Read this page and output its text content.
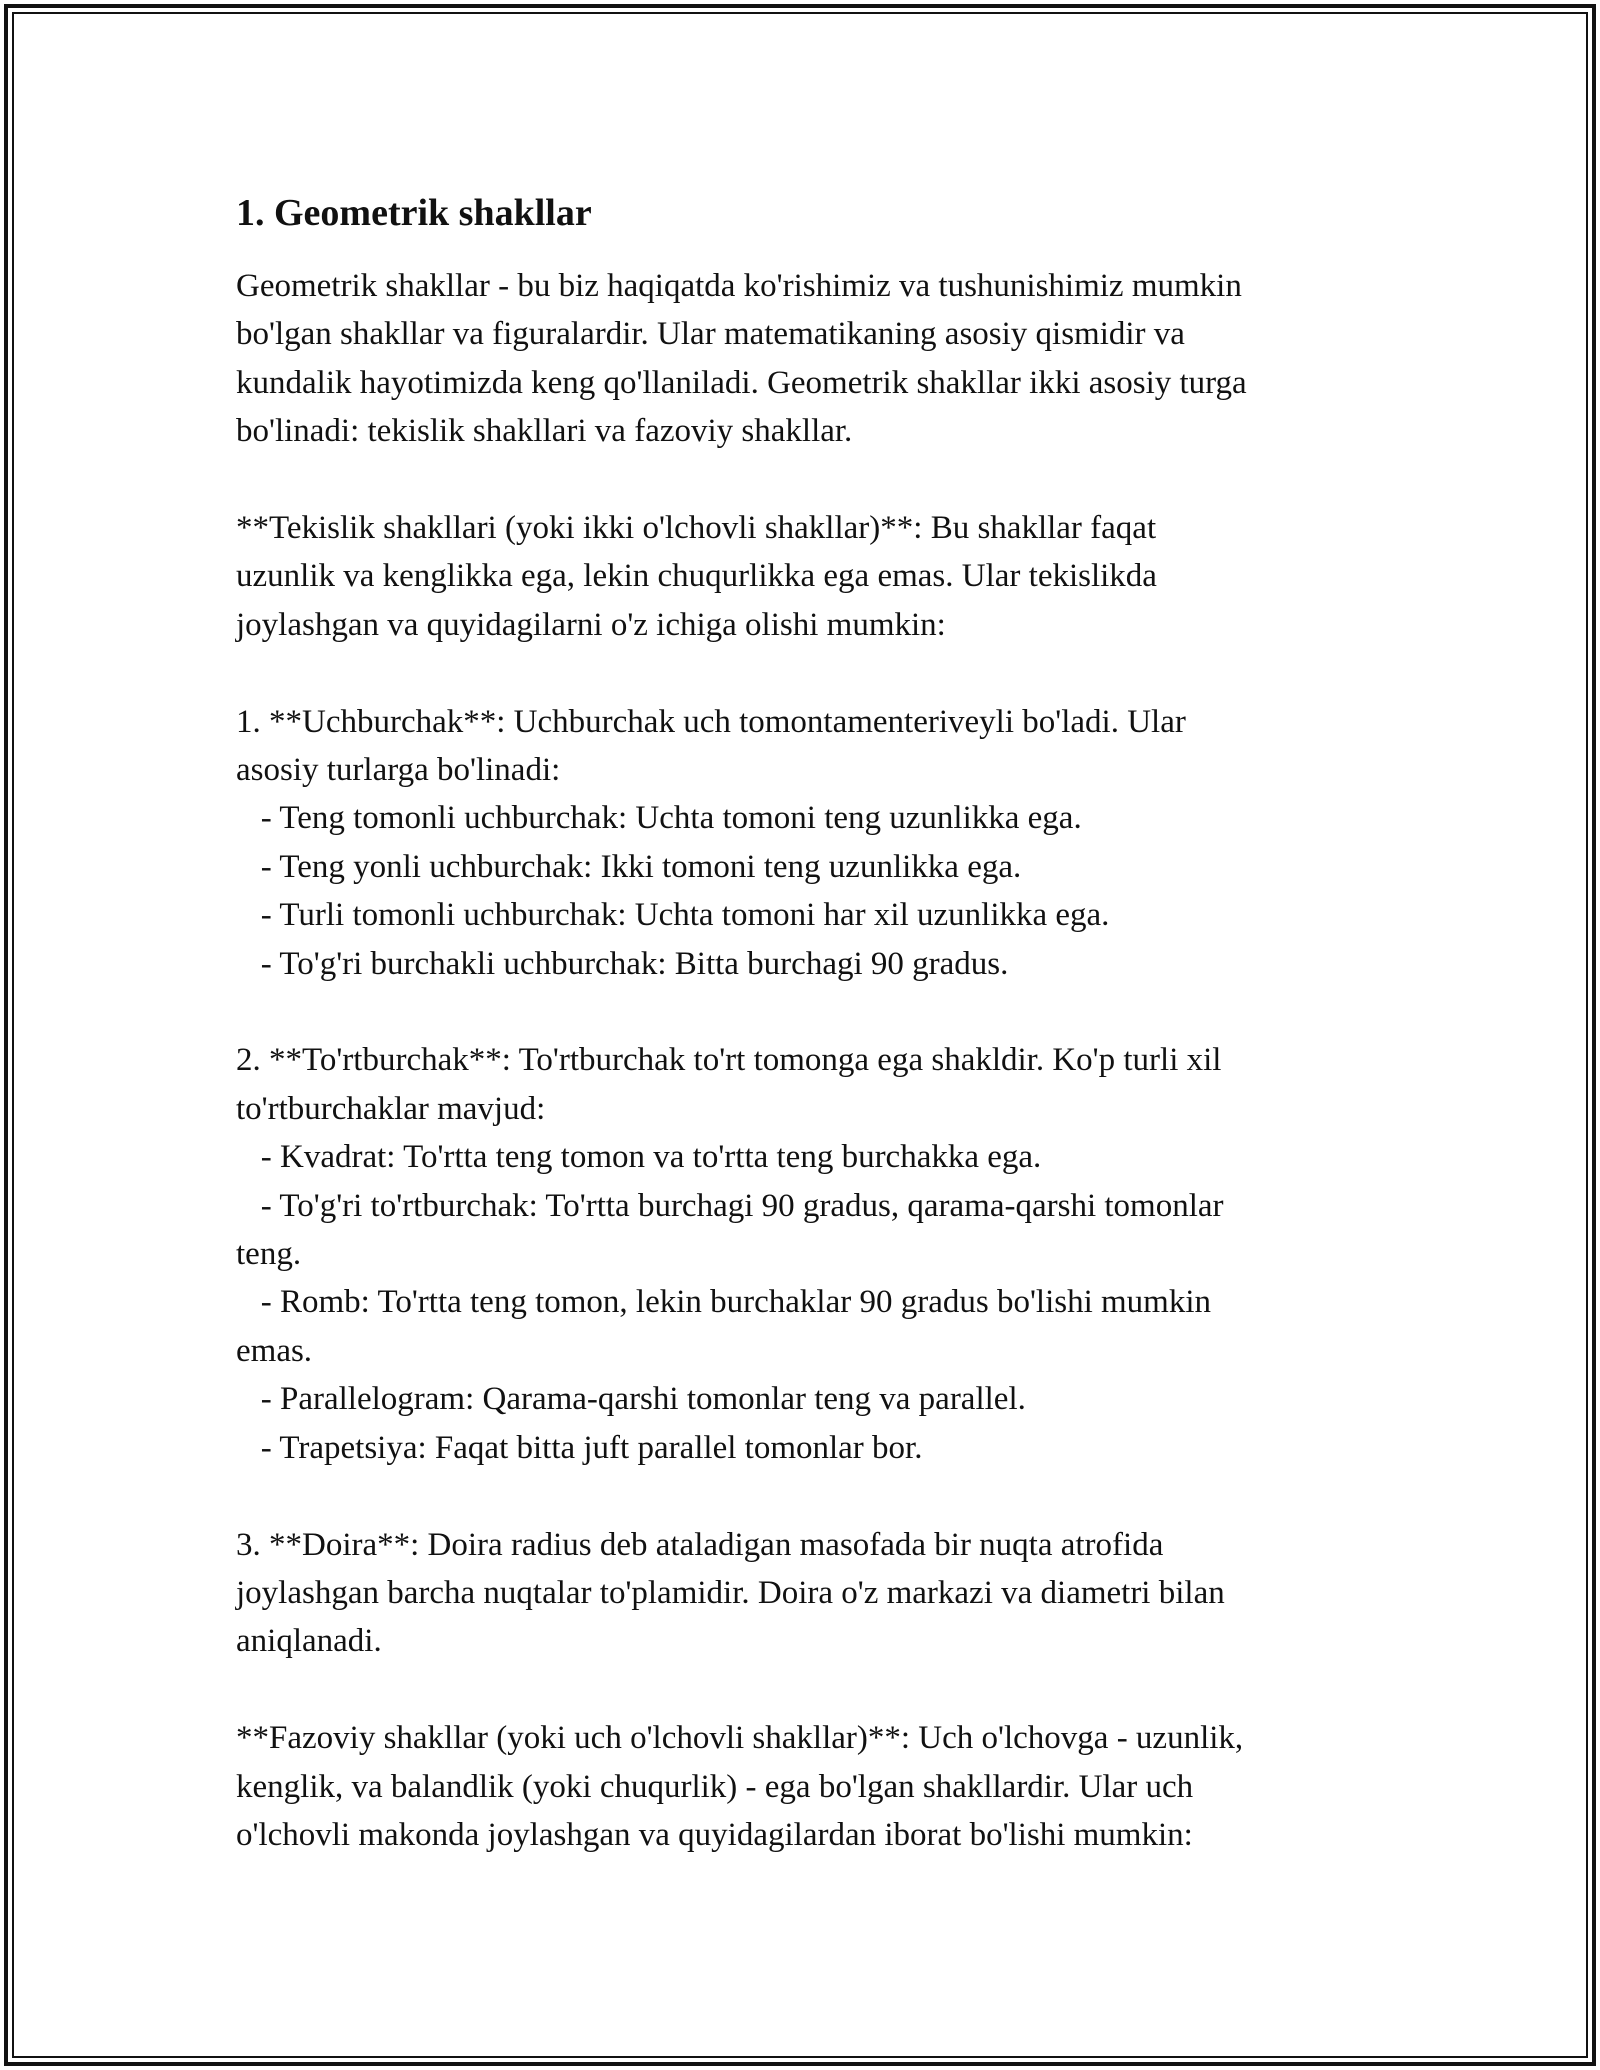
1. Geometrik shakllar
Geometrik shakllar - bu biz haqiqatda ko'rishimiz va tushunishimiz mumkin
bo'lgan shakllar va figuralardir. Ular matematikaning asosiy qismidir va
kundalik hayotimizda keng qo'llaniladi. Geometrik shakllar ikki asosiy turga
bo'linadi: tekislik shakllari va fazoviy shakllar.
**Tekislik shakllari (yoki ikki o'lchovli shakllar)**: Bu shakllar faqat
uzunlik va kenglikka ega, lekin chuqurlikka ega emas. Ular tekislikda
joylashgan va quyidagilarni o'z ichiga olishi mumkin:
1. **Uchburchak**: Uchburchak uch tomontamenteriveyli bo'ladi. Ular
asosiy turlarga bo'linadi:
- Teng tomonli uchburchak: Uchta tomoni teng uzunlikka ega.
- Teng yonli uchburchak: Ikki tomoni teng uzunlikka ega.
- Turli tomonli uchburchak: Uchta tomoni har xil uzunlikka ega.
- To'g'ri burchakli uchburchak: Bitta burchagi 90 gradus.
2. **To'rtburchak**: To'rtburchak to'rt tomonga ega shakldir. Ko'p turli xil
to'rtburchaklar mavjud:
- Kvadrat: To'rtta teng tomon va to'rtta teng burchakka ega.
- To'g'ri to'rtburchak: To'rtta burchagi 90 gradus, qarama-qarshi tomonlar
teng.
- Romb: To'rtta teng tomon, lekin burchaklar 90 gradus bo'lishi mumkin
emas.
- Parallelogram: Qarama-qarshi tomonlar teng va parallel.
- Trapetsiya: Faqat bitta juft parallel tomonlar bor.
3. **Doira**: Doira radius deb ataladigan masofada bir nuqta atrofida
joylashgan barcha nuqtalar to'plamidir. Doira o'z markazi va diametri bilan
aniqlanadi.
**Fazoviy shakllar (yoki uch o'lchovli shakllar)**: Uch o'lchovga - uzunlik,
kenglik, va balandlik (yoki chuqurlik) - ega bo'lgan shakllardir. Ular uch
o'lchovli makonda joylashgan va quyidagilardan iborat bo'lishi mumkin:
